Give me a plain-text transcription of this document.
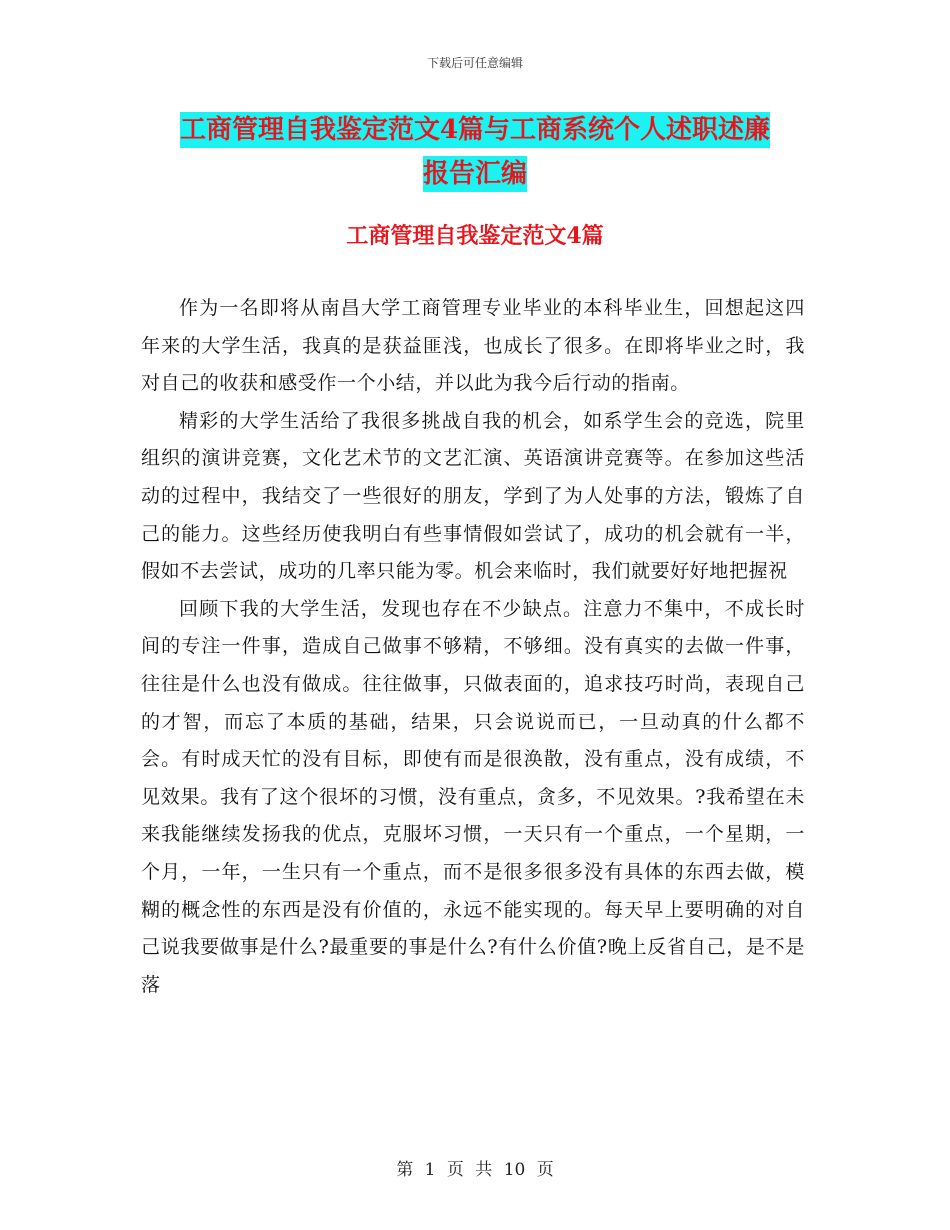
下载后可任意编辑
工商管理自我鉴定范文4篇与工商系统个人述职述廉
报告汇编
工商管理自我鉴定范文4篇

作为一名即将从南昌大学工商管理专业毕业的本科毕业生，回想起这四年来的大学生活，我真的是获益匪浅，也成长了很多。在即将毕业之时，我对自己的收获和感受作一个小结，并以此为我今后行动的指南。

精彩的大学生活给了我很多挑战自我的机会，如系学生会的竞选，院里组织的演讲竞赛，文化艺术节的文艺汇演、英语演讲竞赛等。在参加这些活动的过程中，我结交了一些很好的朋友，学到了为人处事的方法，锻炼了自己的能力。这些经历使我明白有些事情假如尝试了，成功的机会就有一半，假如不去尝试，成功的几率只能为零。机会来临时，我们就要好好地把握祝

回顾下我的大学生活，发现也存在不少缺点。注意力不集中，不成长时间的专注一件事，造成自己做事不够精，不够细。没有真实的去做一件事，往往是什么也没有做成。往往做事，只做表面的，追求技巧时尚，表现自己的才智，而忘了本质的基础，结果，只会说说而已，一旦动真的什么都不会。有时成天忙的没有目标，即使有而是很涣散，没有重点，没有成绩，不见效果。我有了这个很坏的习惯，没有重点，贪多，不见效果。?我希望在未来我能继续发扬我的优点，克服坏习惯，一天只有一个重点，一个星期，一个月，一年，一生只有一个重点，而不是很多很多没有具体的东西去做，模糊的概念性的东西是没有价值的，永远不能实现的。每天早上要明确的对自己说我要做事是什么?最重要的事是什么?有什么价值?晚上反省自己，是不是落

第 1 页 共 10 页
